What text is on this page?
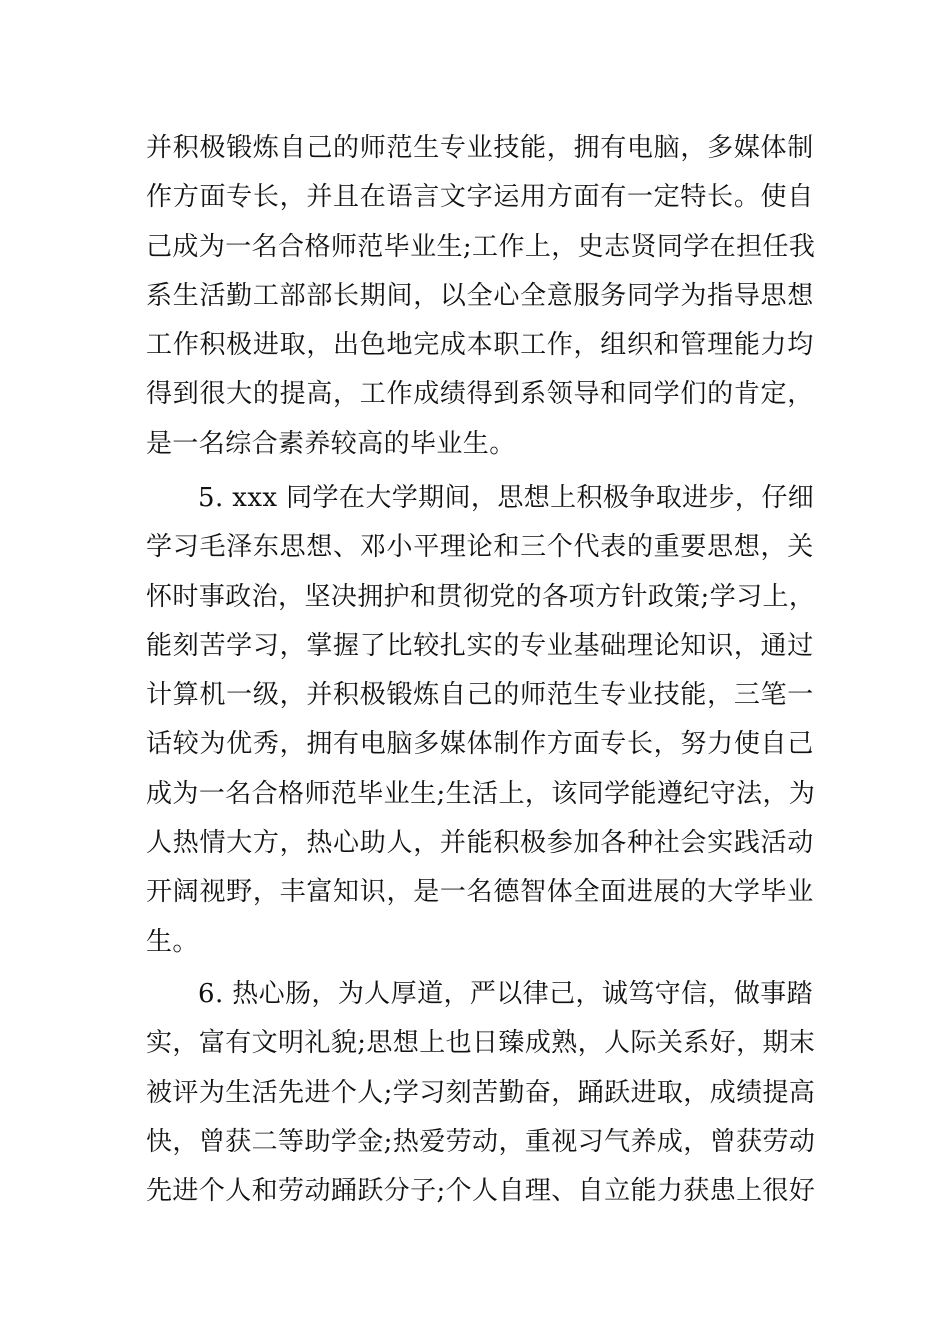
并 积 极 锻 炼 自 己 的 师 范 生 专 业 技 能 ， 拥 有 电 脑 ， 多 媒 体 制
作 方 面 专 长 ， 并 且 在 语 言 文 字 运 用 方 面 有 一 定 特 长 。 使 自
己 成 为 一 名 合 格 师 范 毕 业 生 ; 工 作 上 ， 史 志 贤 同 学 在 担 任 我
系 生 活 勤 工 部 部 长 期 间 ， 以 全 心 全 意 服 务 同 学 为 指 导 思 想
工 作 积 极 进 取 ， 出 色 地 完 成 本 职 工 作 ， 组 织 和 管 理 能 力 均
得 到 很 大 的 提 高 ， 工 作 成 绩 得 到 系 领 导 和 同 学 们 的 肯 定 ，
是一名综合素养较高的毕业生。
5. xxx 同学在大学期间，思想上积极争取进步，仔细
学 习 毛 泽 东 思 想 、 邓 小 平 理 论 和 三 个 代 表 的 重 要 思 想 ， 关
怀 时 事 政 治 ， 坚 决 拥 护 和 贯 彻 党 的 各 项 方 针 政 策 ; 学 习 上 ，
能 刻 苦 学 习 ， 掌 握 了 比 较 扎 实 的 专 业 基 础 理 论 知 识 ， 通 过
计 算 机 一 级 ， 并 积 极 锻 炼 自 己 的 师 范 生 专 业 技 能 ， 三 笔 一
话 较 为 优 秀 ， 拥 有 电 脑 多 媒 体 制 作 方 面 专 长 ， 努 力 使 自 己
成 为 一 名 合 格 师 范 毕 业 生 ; 生 活 上 ， 该 同 学 能 遵 纪 守 法 ， 为
人 热 情 大 方 ， 热 心 助 人 ， 并 能 积 极 参 加 各 种 社 会 实 践 活 动
开 阔 视 野 ， 丰 富 知 识 ， 是 一 名 德 智 体 全 面 进 展 的 大 学 毕 业
生。
6. 热心肠，为人厚道，严以律己，诚笃守信，做事踏
实 ， 富 有 文 明 礼 貌 ; 思 想 上 也 日 臻 成 熟 ， 人 际 关 系 好 ， 期 末
被 评 为 生 活 先 进 个 人 ; 学 习 刻 苦 勤 奋 ， 踊 跃 进 取 ， 成 绩 提 高
快 ， 曾 获 二 等 助 学 金 ; 热 爱 劳 动 ， 重 视 习 气 养 成 ， 曾 获 劳 动
先 进 个 人 和 劳 动 踊 跃 分 子 ; 个 人 自 理 、 自 立 能 力 获 患 上 很 好
